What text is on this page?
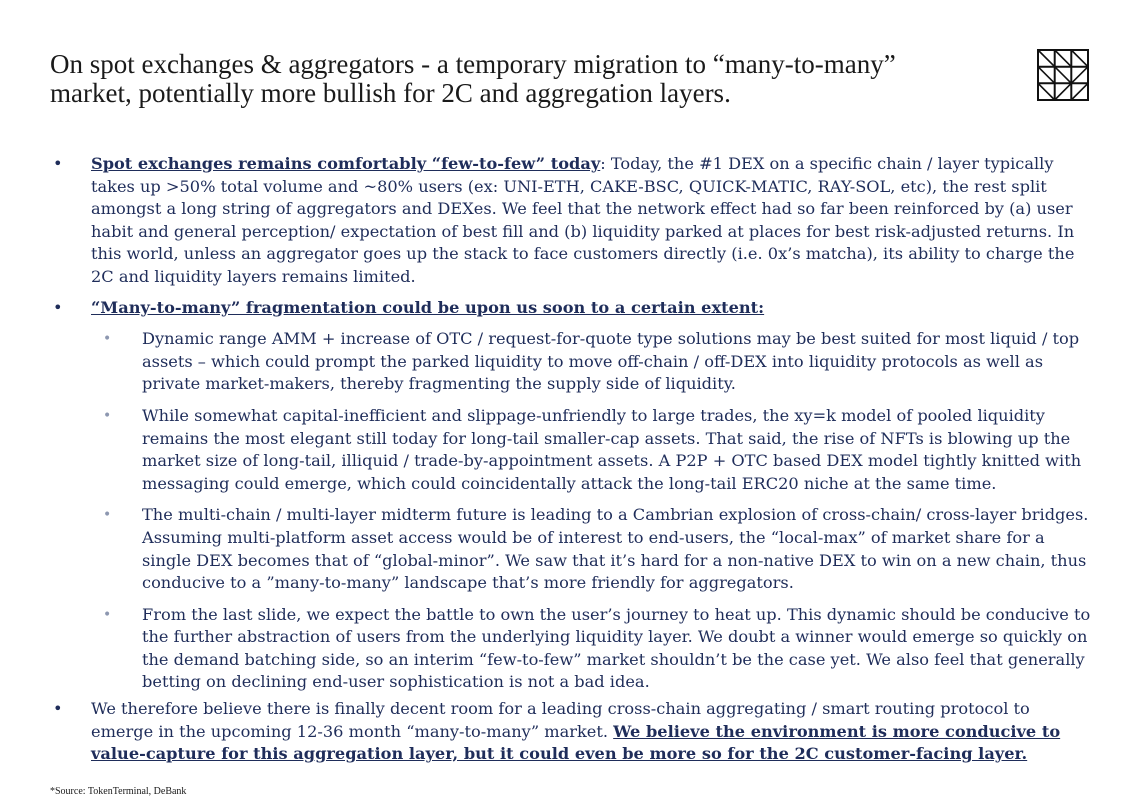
On spot exchanges & aggregators - a temporary migration to “many-to-many” market, potentially more bullish for 2C and aggregation layers.
• Spot exchanges remains comfortably “few-to-few” today: Today, the #1 DEX on a specific chain / layer typically takes up >50% total volume and ~80% users (ex: UNI-ETH, CAKE-BSC, QUICK-MATIC, RAY-SOL, etc), the rest split amongst a long string of aggregators and DEXes. We feel that the network effect had so far been reinforced by (a) user habit and general perception/ expectation of best fill and (b) liquidity parked at places for best risk-adjusted returns. In this world, unless an aggregator goes up the stack to face customers directly (i.e. 0x’s matcha), its ability to charge the 2C and liquidity layers remains limited.
• “Many-to-many” fragmentation could be upon us soon to a certain extent:
• Dynamic range AMM + increase of OTC / request-for-quote type solutions may be best suited for most liquid / top assets – which could prompt the parked liquidity to move off-chain / off-DEX into liquidity protocols as well as private market-makers, thereby fragmenting the supply side of liquidity.
• While somewhat capital-inefficient and slippage-unfriendly to large trades, the xy=k model of pooled liquidity remains the most elegant still today for long-tail smaller-cap assets. That said, the rise of NFTs is blowing up the market size of long-tail, illiquid / trade-by-appointment assets. A P2P + OTC based DEX model tightly knitted with messaging could emerge, which could coincidentally attack the long-tail ERC20 niche at the same time.
• The multi-chain / multi-layer midterm future is leading to a Cambrian explosion of cross-chain/ cross-layer bridges. Assuming multi-platform asset access would be of interest to end-users, the “local-max” of market share for a single DEX becomes that of “global-minor”. We saw that it’s hard for a non-native DEX to win on a new chain, thus conducive to a ”many-to-many” landscape that’s more friendly for aggregators.
• From the last slide, we expect the battle to own the user’s journey to heat up. This dynamic should be conducive to the further abstraction of users from the underlying liquidity layer. We doubt a winner would emerge so quickly on the demand batching side, so an interim “few-to-few” market shouldn’t be the case yet. We also feel that generally betting on declining end-user sophistication is not a bad idea.
• We therefore believe there is finally decent room for a leading cross-chain aggregating / smart routing protocol to emerge in the upcoming 12-36 month “many-to-many” market. We believe the environment is more conducive to value-capture for this aggregation layer, but it could even be more so for the 2C customer-facing layer.
*Source: TokenTerminal, DeBank
